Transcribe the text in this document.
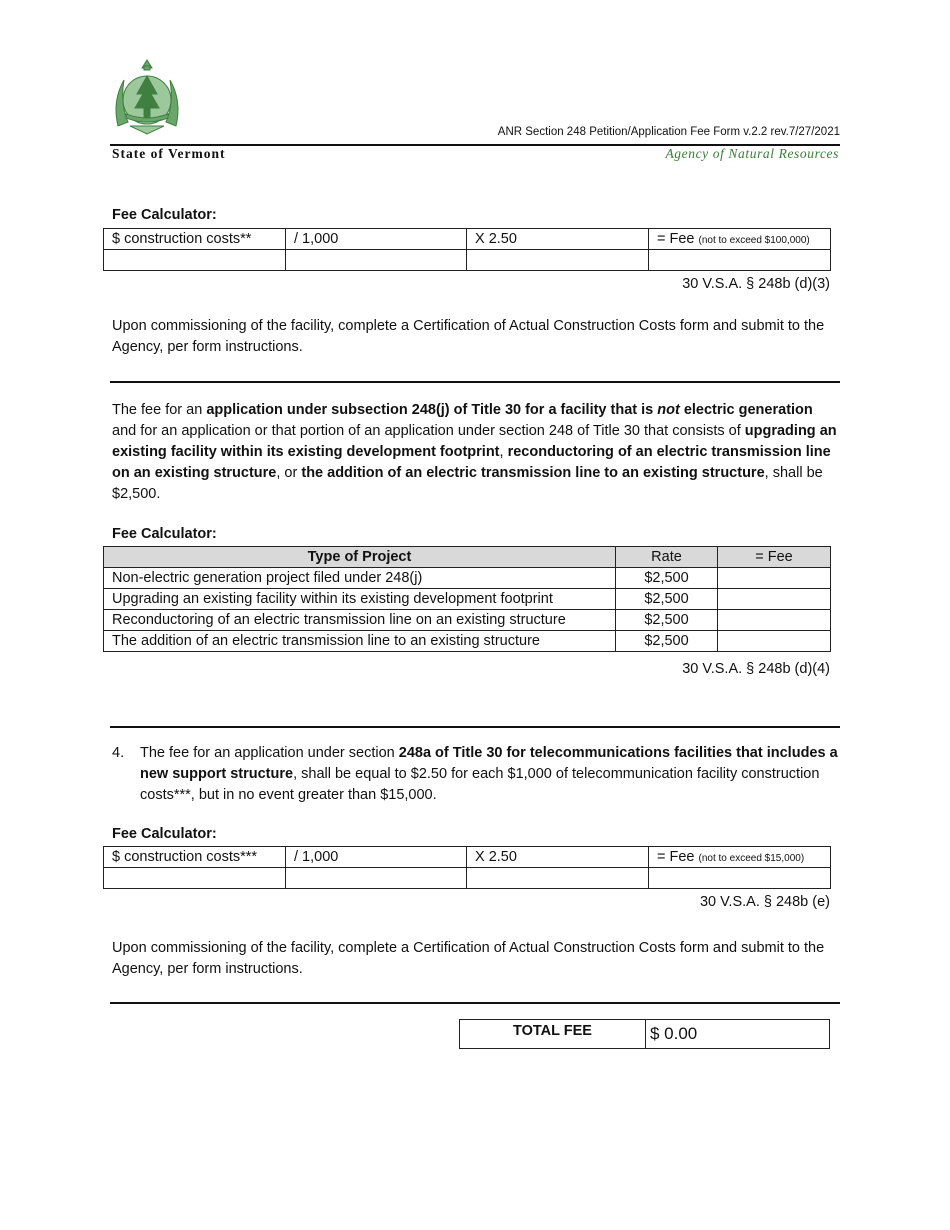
ANR Section 248 Petition/Application Fee Form v.2.2 rev.7/27/2021
State of Vermont	Agency of Natural Resources
Fee Calculator:
$ construction costs**	/ 1,000	X 2.50	= Fee (not to exceed $100,000)

30 V.S.A. § 248b (d)(3)
Upon commissioning of the facility, complete a Certification of Actual Construction Costs form and submit to the Agency, per form instructions.
The fee for an application under subsection 248(j) of Title 30 for a facility that is not electric generation and for an application or that portion of an application under section 248 of Title 30 that consists of upgrading an existing facility within its existing development footprint, reconductoring of an electric transmission line on an existing structure, or the addition of an electric transmission line to an existing structure, shall be $2,500.
Fee Calculator:
Type of Project	Rate	= Fee
Non-electric generation project filed under 248(j)	$2,500	
Upgrading an existing facility within its existing development footprint	$2,500	
Reconductoring of an electric transmission line on an existing structure	$2,500	
The addition of an electric transmission line to an existing structure	$2,500	
30 V.S.A. § 248b (d)(4)
4. The fee for an application under section 248a of Title 30 for telecommunications facilities that includes a new support structure, shall be equal to $2.50 for each $1,000 of telecommunication facility construction costs***, but in no event greater than $15,000.
Fee Calculator:
$ construction costs***	/ 1,000	X 2.50	= Fee (not to exceed $15,000)

30 V.S.A. § 248b (e)
Upon commissioning of the facility, complete a Certification of Actual Construction Costs form and submit to the Agency, per form instructions.
TOTAL FEE	$ 0.00
